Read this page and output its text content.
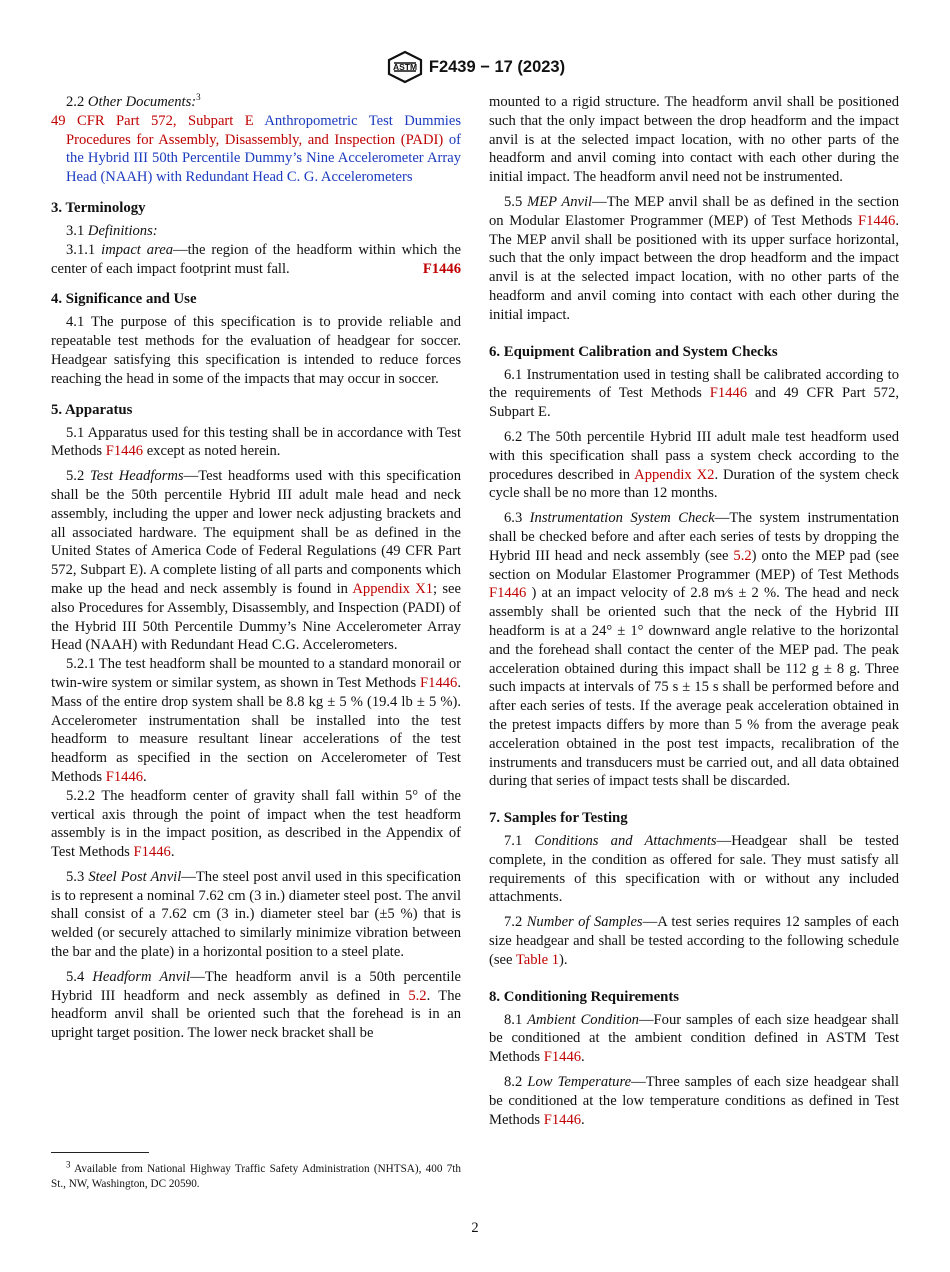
ASTM F2439 − 17 (2023)

2.2 Other Documents:$^3$

49 CFR Part 572, Subpart E Anthropometric Test Dummies Procedures for Assembly, Disassembly, and Inspection (PADI) of the Hybrid III 50th Percentile Dummy’s Nine Accelerometer Array Head (NAAH) with Redundant Head C. G. Accelerometers
3. Terminology

3.1 Definitions:

3.1.1 impact area—the region of the headform within which the center of each impact footprint must fall.	F1446

4. Significance and Use

4.1 The purpose of this specification is to provide reliable and repeatable test methods for the evaluation of headgear for soccer. Headgear satisfying this specification is intended to reduce forces reaching the head in some of the impacts that may occur in soccer.

5. Apparatus

5.1 Apparatus used for this testing shall be in accordance with Test Methods F1446 except as noted herein.

5.2 Test Headforms—Test headforms used with this specification shall be the 50th percentile Hybrid III adult male head and neck assembly, including the upper and lower neck adjusting brackets and all associated hardware. The equipment shall be as defined in the United States of America Code of Federal Regulations (49 CFR Part 572, Subpart E). A complete listing of all parts and components which make up the head and neck assembly is found in Appendix X1; see also Procedures for Assembly, Disassembly, and Inspection (PADI) of the Hybrid III 50th Percentile Dummy’s Nine Accelerometer Array Head (NAAH) with Redundant Head C.G. Accelerometers.

5.2.1 The test headform shall be mounted to a standard monorail or twin-wire system or similar system, as shown in Test Methods F1446. Mass of the entire drop system shall be 8.8 kg ± 5 % (19.4 lb ± 5 %). Accelerometer instrumentation shall be installed into the test headform to measure resultant linear accelerations of the test headform as specified in the section on Accelerometer of Test Methods F1446.

5.2.2 The headform center of gravity shall fall within 5° of the vertical axis through the point of impact when the test headform assembly is in the impact position, as described in the Appendix of Test Methods F1446.

5.3 Steel Post Anvil—The steel post anvil used in this specification is to represent a nominal 7.62 cm (3 in.) diameter steel post. The anvil shall consist of a 7.62 cm (3 in.) diameter steel bar (±5 %) that is welded (or securely attached to similarly minimize vibration between the bar and the plate) in a horizontal position to a steel plate.

5.4 Headform Anvil—The headform anvil is a 50th percentile Hybrid III headform and neck assembly as defined in 5.2. The headform anvil shall be oriented such that the forehead is in an upright target position. The lower neck bracket shall be

$^3$ Available from National Highway Traffic Safety Administration (NHTSA), 400 7th St., NW, Washington, DC 20590.

mounted to a rigid structure. The headform anvil shall be positioned such that the only impact between the drop headform and the impact anvil is at the selected impact location, with no other parts of the headform and anvil coming into contact with each other during the initial impact. The headform anvil need not be instrumented.

5.5 MEP Anvil—The MEP anvil shall be as defined in the section on Modular Elastomer Programmer (MEP) of Test Methods F1446. The MEP anvil shall be positioned with its upper surface horizontal, such that the only impact between the drop headform and the impact anvil is at the selected impact location, with no other parts of the headform and anvil coming into contact with each other during the initial impact.

6. Equipment Calibration and System Checks

6.1 Instrumentation used in testing shall be calibrated according to the requirements of Test Methods F1446 and 49 CFR Part 572, Subpart E.

6.2 The 50th percentile Hybrid III adult male test headform used with this specification shall pass a system check according to the procedures described in Appendix X2. Duration of the system check cycle shall be no more than 12 months.

6.3 Instrumentation System Check—The system instrumentation shall be checked before and after each series of tests by dropping the Hybrid III head and neck assembly (see 5.2) onto the MEP pad (see section on Modular Elastomer Programmer (MEP) of Test Methods F1446 ) at an impact velocity of 2.8 m⁄s ± 2 %. The head and neck assembly shall be oriented such that the neck of the Hybrid III headform is at a 24° ± 1° downward angle relative to the horizontal and the forehead shall contact the center of the MEP pad. The peak acceleration obtained during this impact shall be 112 g ± 8 g. Three such impacts at intervals of 75 s ± 15 s shall be performed before and after each series of tests. If the average peak acceleration obtained in the pretest impacts differs by more than 5 % from the average peak acceleration obtained in the post test impacts, recalibration of the instruments and transducers must be carried out, and all data obtained during that series of impact tests shall be discarded.

7. Samples for Testing

7.1 Conditions and Attachments—Headgear shall be tested complete, in the condition as offered for sale. They must satisfy all requirements of this specification with or without any included attachments.

7.2 Number of Samples—A test series requires 12 samples of each size headgear and shall be tested according to the following schedule (see Table 1).

8. Conditioning Requirements

8.1 Ambient Condition—Four samples of each size headgear shall be conditioned at the ambient condition defined in ASTM Test Methods F1446.

8.2 Low Temperature—Three samples of each size headgear shall be conditioned at the low temperature conditions as defined in Test Methods F1446.

2
